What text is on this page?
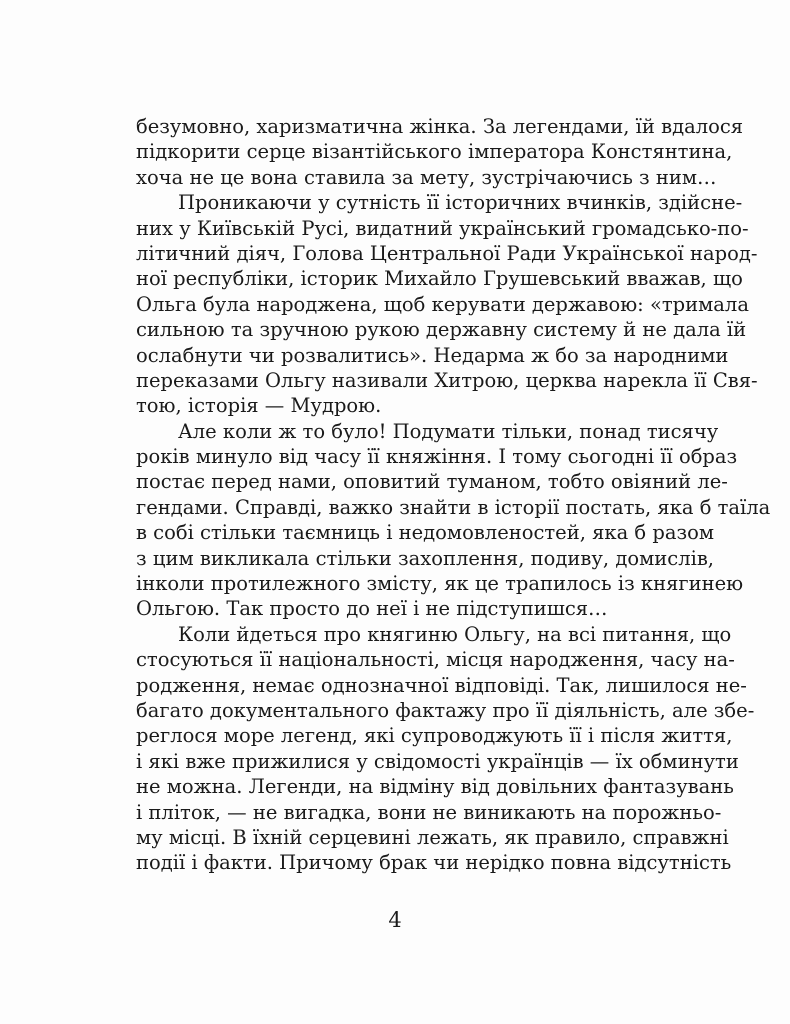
безумовно, харизматична жінка. За легендами, їй вдалося
підкорити серце візантійського імператора Констянтина,
хоча не це вона ставила за мету, зустрічаючись з ним…
Проникаючи у сутність її історичних вчинків, здійсне-
них у Київській Русі, видатний український громадсько-по-
літичний діяч, Голова Центральної Ради Української народ-
ної республіки, історик Михайло Грушевський вважав, що
Ольга була народжена, щоб керувати державою: «тримала
сильною та зручною рукою державну систему й не дала їй
ослабнути чи розвалитись». Недарма ж бо за народними
переказами Ольгу називали Хитрою, церква нарекла її Свя-
тою, історія — Мудрою.
Але коли ж то було! Подумати тільки, понад тисячу
років минуло від часу її княжіння. І тому сьогодні її образ
постає перед нами, оповитий туманом, тобто овіяний ле-
гендами. Справді, важко знайти в історії постать, яка б таїла
в собі стільки таємниць і недомовленостей, яка б разом
з цим викликала стільки захоплення, подиву, домислів,
інколи протилежного змісту, як це трапилось із княгинею
Ольгою. Так просто до неї і не підступишся…
Коли йдеться про княгиню Ольгу, на всі питання, що
стосуються її національності, місця народження, часу на-
родження, немає однозначної відповіді. Так, лишилося не-
багато документального фактажу про її діяльність, але збе-
реглося море легенд, які супроводжують її і після життя,
і які вже прижилися у свідомості українців — їх обминути
не можна. Легенди, на відміну від довільних фантазувань
і пліток, — не вигадка, вони не виникають на порожньо-
му місці. В їхній серцевині лежать, як правило, справжні
події і факти. Причому брак чи нерідко повна відсутність
4
